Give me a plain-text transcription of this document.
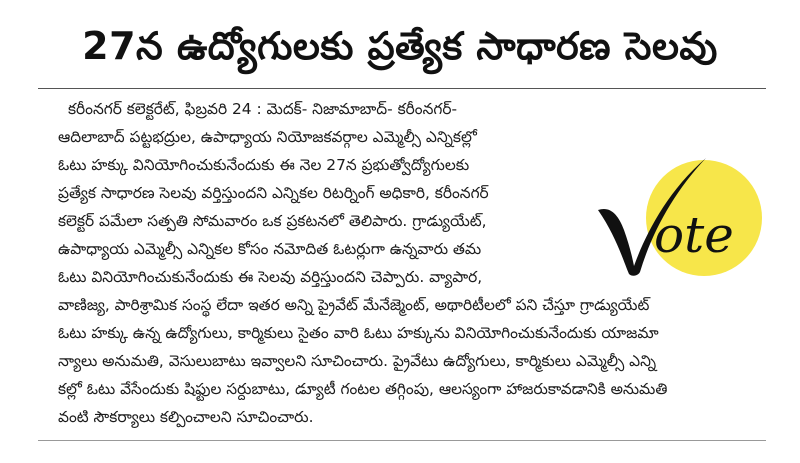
27న ఉద్యోగులకు ప్రత్యేక సాధారణ సెలవు
కరీంనగర్ కలెక్టరేట్, ఫిబ్రవరి 24 : మెదక్- నిజామాబాద్- కరీంనగర్-
ఆదిలాబాద్ పట్టభద్రుల, ఉపాధ్యాయ నియోజకవర్గాల ఎమ్మెల్సీ ఎన్నికల్లో
ఓటు హక్కు వినియోగించుకునేందుకు ఈ నెల 27న ప్రభుత్వోద్యోగులకు
ప్రత్యేక సాధారణ సెలవు వర్తిస్తుందని ఎన్నికల రిటర్నింగ్ అధికారి, కరీంనగర్
కలెక్టర్ పమేలా సత్పతి సోమవారం ఒక ప్రకటనలో తెలిపారు. గ్రాడ్యుయేట్,
ఉపాధ్యాయ ఎమ్మెల్సీ ఎన్నికల కోసం నమోదిత ఓటర్లుగా ఉన్నవారు తమ
ఓటు వినియోగించుకునేందుకు ఈ సెలవు వర్తిస్తుందని చెప్పారు. వ్యాపార,
వాణిజ్య, పారిశ్రామిక సంస్థ లేదా ఇతర అన్ని ప్రైవేట్ మేనేజ్మెంట్, అథారిటీలలో పని చేస్తూ గ్రాడ్యుయేట్
ఓటు హక్కు ఉన్న ఉద్యోగులు, కార్మికులు సైతం వారి ఓటు హక్కును వినియోగించుకునేందుకు యాజమా
న్యాలు అనుమతి, వెసులుబాటు ఇవ్వాలని సూచించారు. ప్రైవేటు ఉద్యోగులు, కార్మికులు ఎమ్మెల్సీ ఎన్ని
కల్లో ఓటు వేసేందుకు షిఫ్టుల సర్దుబాటు, డ్యూటీ గంటల తగ్గింపు, ఆలస్యంగా హాజరుకావడానికి అనుమతి
వంటి సౌకర్యాలు కల్పించాలని సూచించారు.
ote
